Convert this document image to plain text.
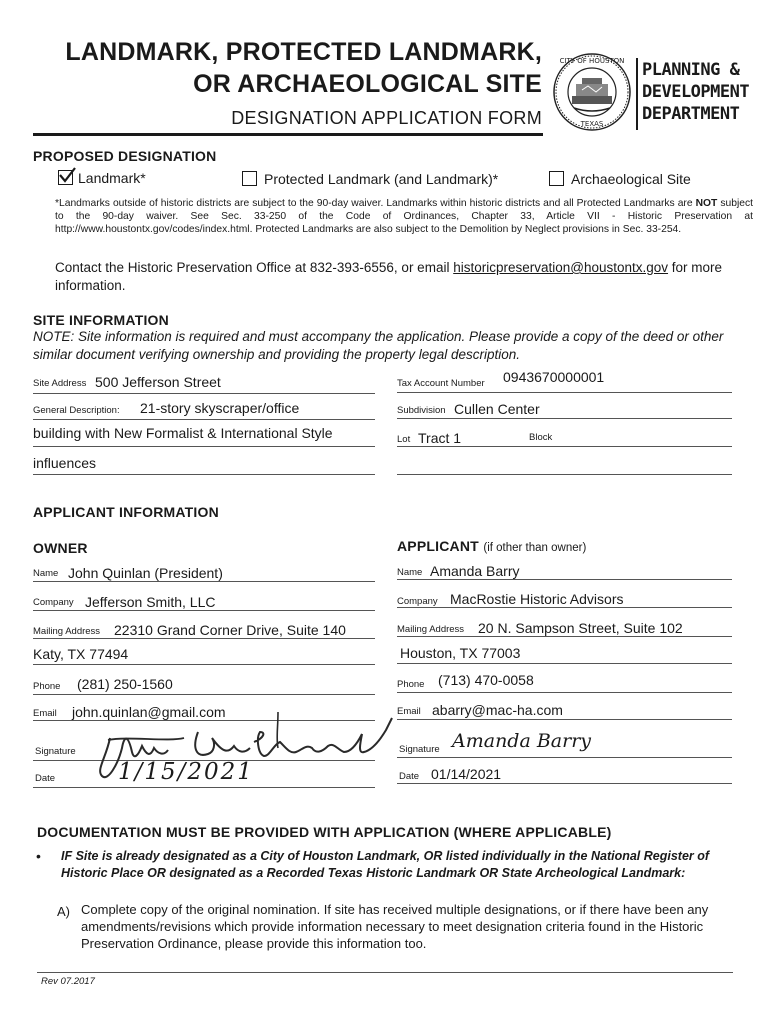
LANDMARK, PROTECTED LANDMARK,
OR ARCHAEOLOGICAL SITE
DESIGNATION APPLICATION FORM
CITY OF HOUSTON
TEXAS
PLANNING &
DEVELOPMENT
DEPARTMENT
PROPOSED DESIGNATION
Landmark*	Protected Landmark (and Landmark)*	Archaeological Site
*Landmarks outside of historic districts are subject to the 90-day waiver. Landmarks within historic districts and all Protected Landmarks are NOT subject to the 90-day waiver. See Sec. 33-250 of the Code of Ordinances, Chapter 33, Article VII - Historic Preservation at http://www.houstontx.gov/codes/index.html. Protected Landmarks are also subject to the Demolition by Neglect provisions in Sec. 33-254.
Contact the Historic Preservation Office at 832-393-6556, or email historicpreservation@houstontx.gov for more information.
SITE INFORMATION
NOTE: Site information is required and must accompany the application. Please provide a copy of the deed or other similar document verifying ownership and providing the property legal description.
Site Address 500 Jefferson Street	Tax Account Number 0943670000001
General Description: 21-story skyscraper/office	Subdivision Cullen Center
building with New Formalist & International Style	Lot Tract 1	Block
influences
APPLICANT INFORMATION
OWNER	APPLICANT (if other than owner)
Name John Quinlan (President)
Company Jefferson Smith, LLC
Mailing Address 22310 Grand Corner Drive, Suite 140
Katy, TX 77494
Phone (281) 250-1560
Email john.quinlan@gmail.com
Signature
Date	1/15/2021
Name Amanda Barry
Company MacRostie Historic Advisors
Mailing Address 20 N. Sampson Street, Suite 102
Houston, TX 77003
Phone (713) 470-0058
Email abarry@mac-ha.com
Signature Amanda Barry
Date 01/14/2021
DOCUMENTATION MUST BE PROVIDED WITH APPLICATION (WHERE APPLICABLE)
• IF Site is already designated as a City of Houston Landmark, OR listed individually in the National Register of Historic Place OR designated as a Recorded Texas Historic Landmark OR State Archeological Landmark:
A) Complete copy of the original nomination. If site has received multiple designations, or if there have been any amendments/revisions which provide information necessary to meet designation criteria found in the Historic Preservation Ordinance, please provide this information too.
Rev 07.2017
